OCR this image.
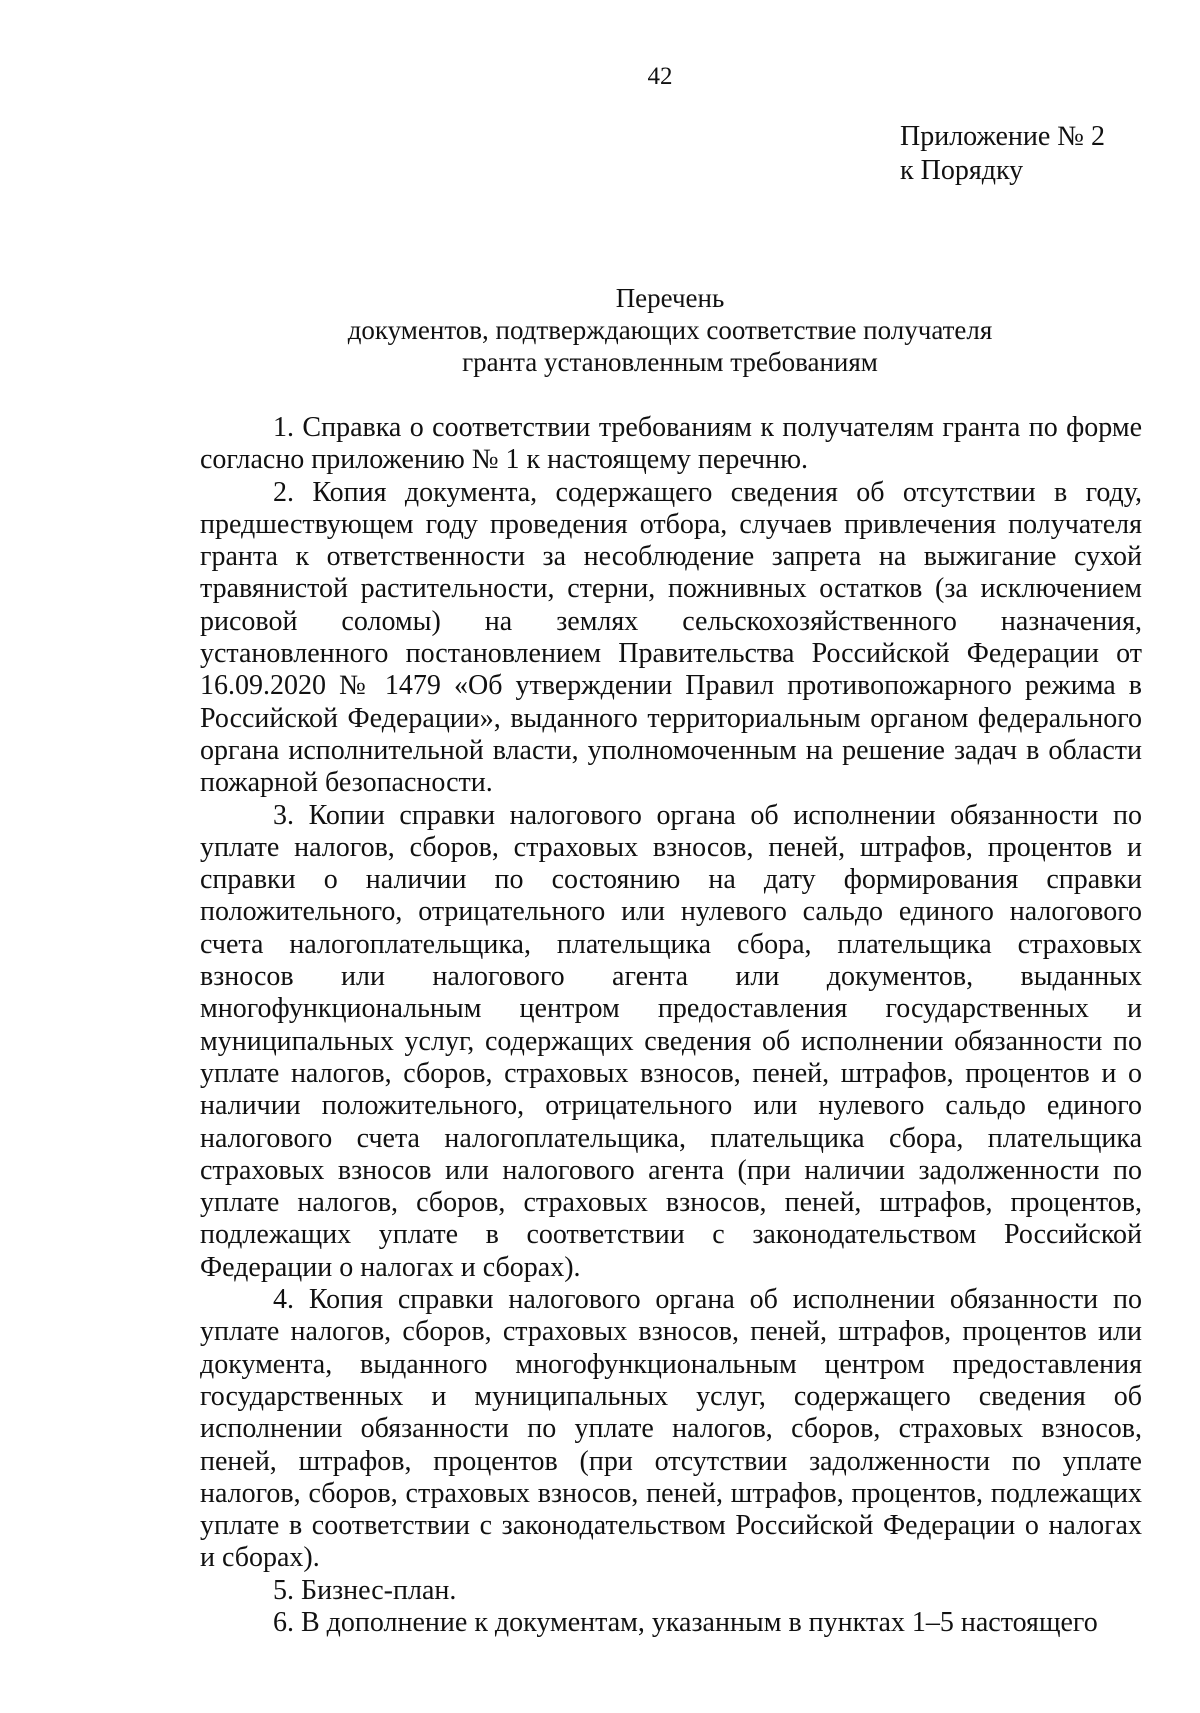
42
Приложение № 2
к Порядку
Перечень
документов, подтверждающих соответствие получателя
гранта установленным требованиям

1. Справка о соответствии требованиям к получателям гранта по форме согласно приложению № 1 к настоящему перечню.

2. Копия документа, содержащего сведения об отсутствии в году, предшествующем году проведения отбора, случаев привлечения получателя гранта к ответственности за несоблюдение запрета на выжигание сухой травянистой растительности, стерни, пожнивных остатков (за исключением рисовой соломы) на землях сельскохозяйственного назначения, установленного постановлением Правительства Российской Федерации от 16.09.2020 № 1479 «Об утверждении Правил противопожарного режима в Российской Федерации», выданного территориальным органом федерального органа исполнительной власти, уполномоченным на решение задач в области пожарной безопасности.

3. Копии справки налогового органа об исполнении обязанности по уплате налогов, сборов, страховых взносов, пеней, штрафов, процентов и справки о наличии по состоянию на дату формирования справки положительного, отрицательного или нулевого сальдо единого налогового счета налогоплательщика, плательщика сбора, плательщика страховых взносов или налогового агента или документов, выданных многофункциональным центром предоставления государственных и муниципальных услуг, содержащих сведения об исполнении обязанности по уплате налогов, сборов, страховых взносов, пеней, штрафов, процентов и о наличии положительного, отрицательного или нулевого сальдо единого налогового счета налогоплательщика, плательщика сбора, плательщика страховых взносов или налогового агента (при наличии задолженности по уплате налогов, сборов, страховых взносов, пеней, штрафов, процентов, подлежащих уплате в соответствии с законодательством Российской Федерации о налогах и сборах).

4. Копия справки налогового органа об исполнении обязанности по уплате налогов, сборов, страховых взносов, пеней, штрафов, процентов или документа, выданного многофункциональным центром предоставления государственных и муниципальных услуг, содержащего сведения об исполнении обязанности по уплате налогов, сборов, страховых взносов, пеней, штрафов, процентов (при отсутствии задолженности по уплате налогов, сборов, страховых взносов, пеней, штрафов, процентов, подлежащих уплате в соответствии с законодательством Российской Федерации о налогах и сборах).

5. Бизнес-план.

6. В дополнение к документам, указанным в пунктах 1–5 настоящего
